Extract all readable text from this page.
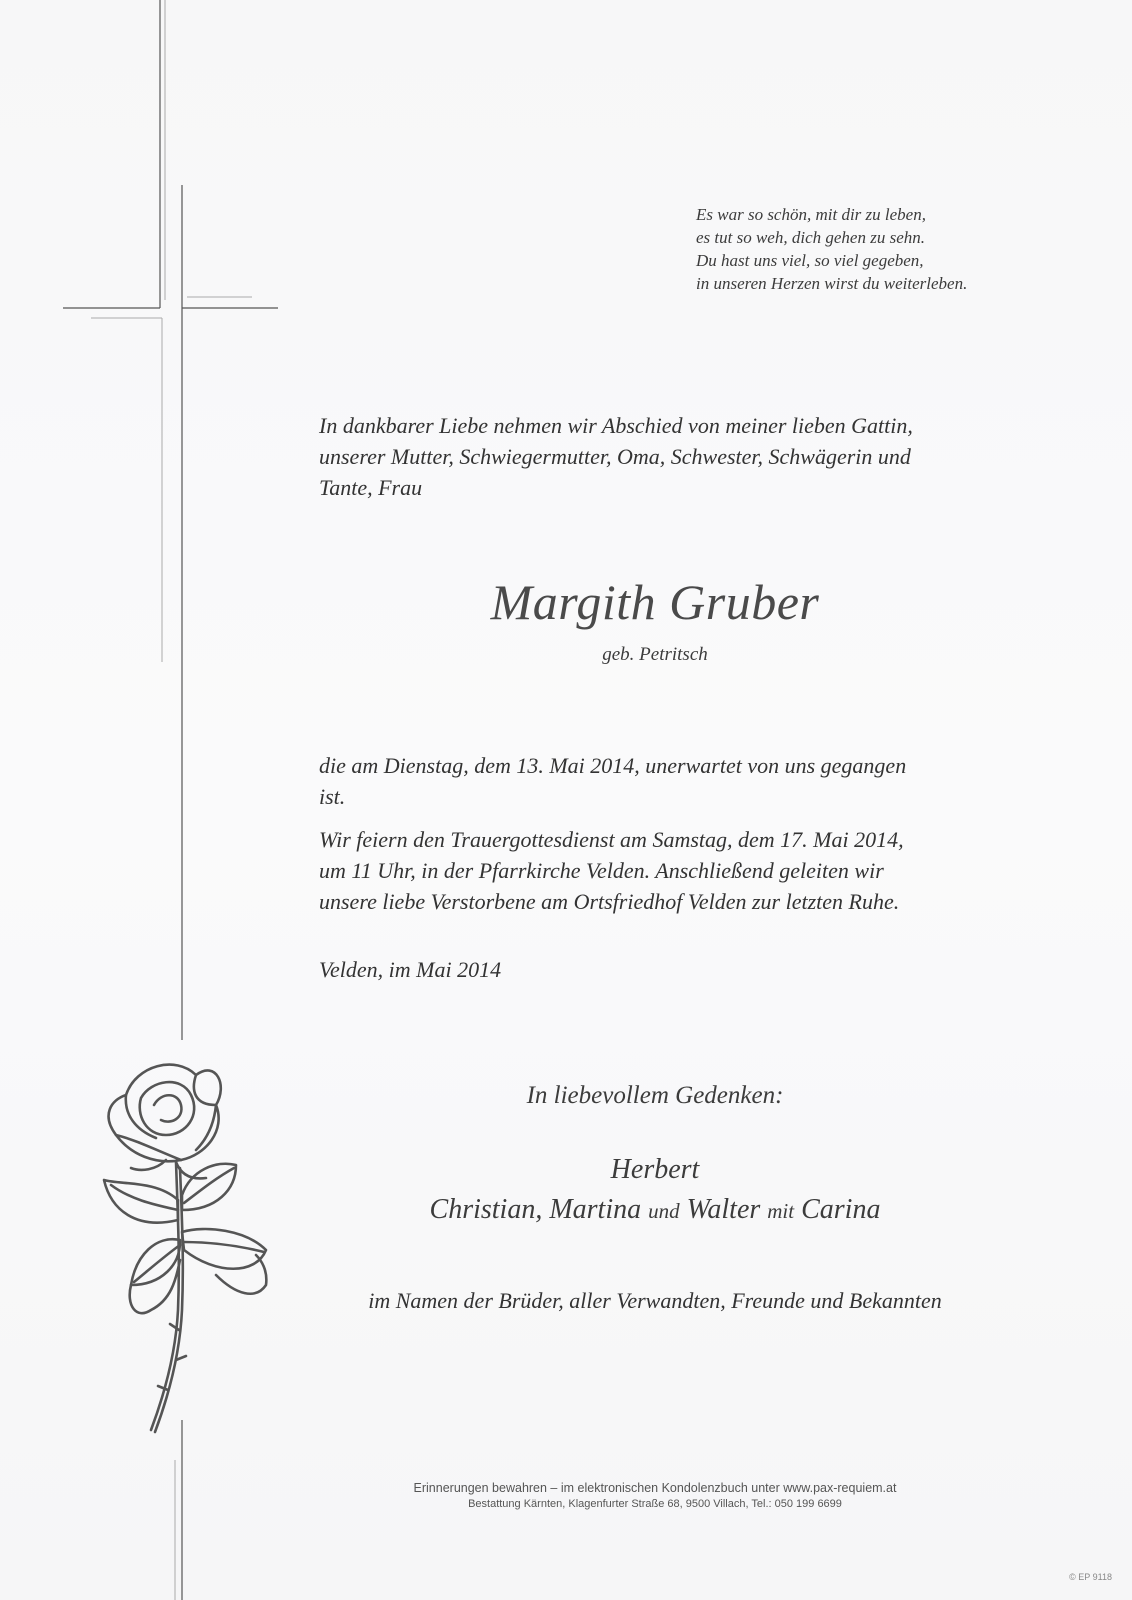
Es war so schön, mit dir zu leben,
es tut so weh, dich gehen zu sehn.
Du hast uns viel, so viel gegeben,
in unseren Herzen wirst du weiterleben.
In dankbarer Liebe nehmen wir Abschied von meiner lieben Gattin,
unserer Mutter, Schwiegermutter, Oma, Schwester, Schwägerin und
Tante, Frau
Margith Gruber
geb. Petritsch
die am Dienstag, dem 13. Mai 2014, unerwartet von uns gegangen
ist.
Wir feiern den Trauergottesdienst am Samstag, dem 17. Mai 2014,
um 11 Uhr, in der Pfarrkirche Velden. Anschließend geleiten wir
unsere liebe Verstorbene am Ortsfriedhof Velden zur letzten Ruhe.
Velden, im Mai 2014
In liebevollem Gedenken:
Herbert
Christian, Martina und Walter mit Carina
im Namen der Brüder, aller Verwandten, Freunde und Bekannten
Erinnerungen bewahren – im elektronischen Kondolenzbuch unter www.pax-requiem.at
Bestattung Kärnten, Klagenfurter Straße 68, 9500 Villach, Tel.: 050 199 6699
© EP 9118
